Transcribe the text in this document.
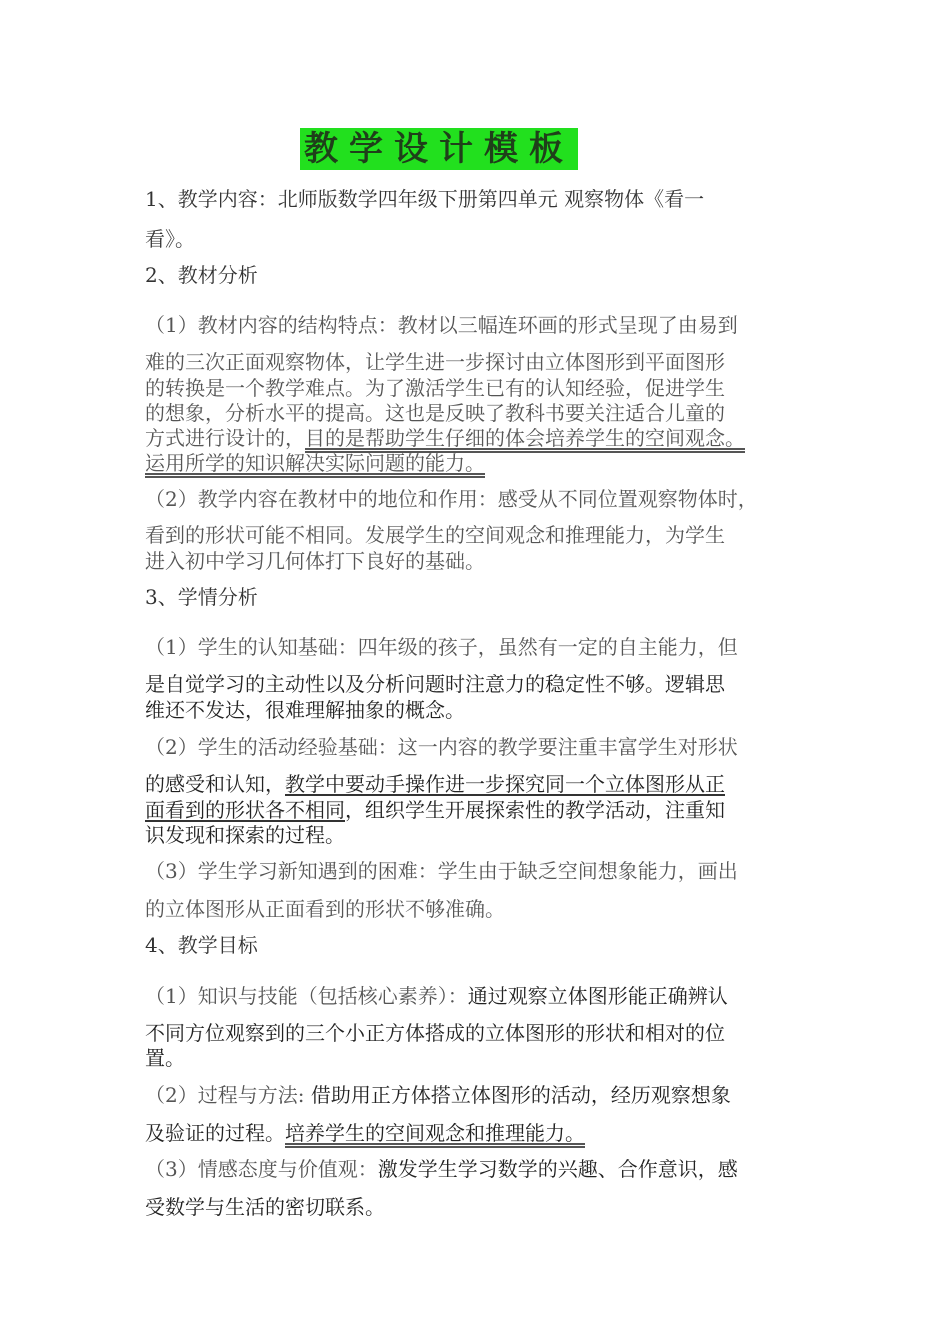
教学设计模板
1、教学内容：北师版数学四年级下册第四单元 观察物体《看一
看》。
2、教材分析
（1）教材内容的结构特点：教材以三幅连环画的形式呈现了由易到
难的三次正面观察物体，让学生进一步探讨由立体图形到平面图形
的转换是一个教学难点。为了激活学生已有的认知经验，促进学生
的想象，分析水平的提高。这也是反映了教科书要关注适合儿童的
方式进行设计的，目的是帮助学生仔细的体会培养学生的空间观念。
运用所学的知识解决实际问题的能力。
（2）教学内容在教材中的地位和作用：感受从不同位置观察物体时，
看到的形状可能不相同。发展学生的空间观念和推理能力，为学生
进入初中学习几何体打下良好的基础。
3、学情分析
（1）学生的认知基础：四年级的孩子，虽然有一定的自主能力，但
是自觉学习的主动性以及分析问题时注意力的稳定性不够。逻辑思
维还不发达，很难理解抽象的概念。
（2）学生的活动经验基础：这一内容的教学要注重丰富学生对形状
的感受和认知，教学中要动手操作进一步探究同一个立体图形从正
面看到的形状各不相同，组织学生开展探索性的教学活动，注重知
识发现和探索的过程。
（3）学生学习新知遇到的困难：学生由于缺乏空间想象能力，画出
的立体图形从正面看到的形状不够准确。
4、教学目标
（1）知识与技能（包括核心素养）：通过观察立体图形能正确辨认
不同方位观察到的三个小正方体搭成的立体图形的形状和相对的位
置。
（2）过程与方法: 借助用正方体搭立体图形的活动，经历观察想象
及验证的过程。培养学生的空间观念和推理能力。
（3）情感态度与价值观：激发学生学习数学的兴趣、合作意识，感
受数学与生活的密切联系。
